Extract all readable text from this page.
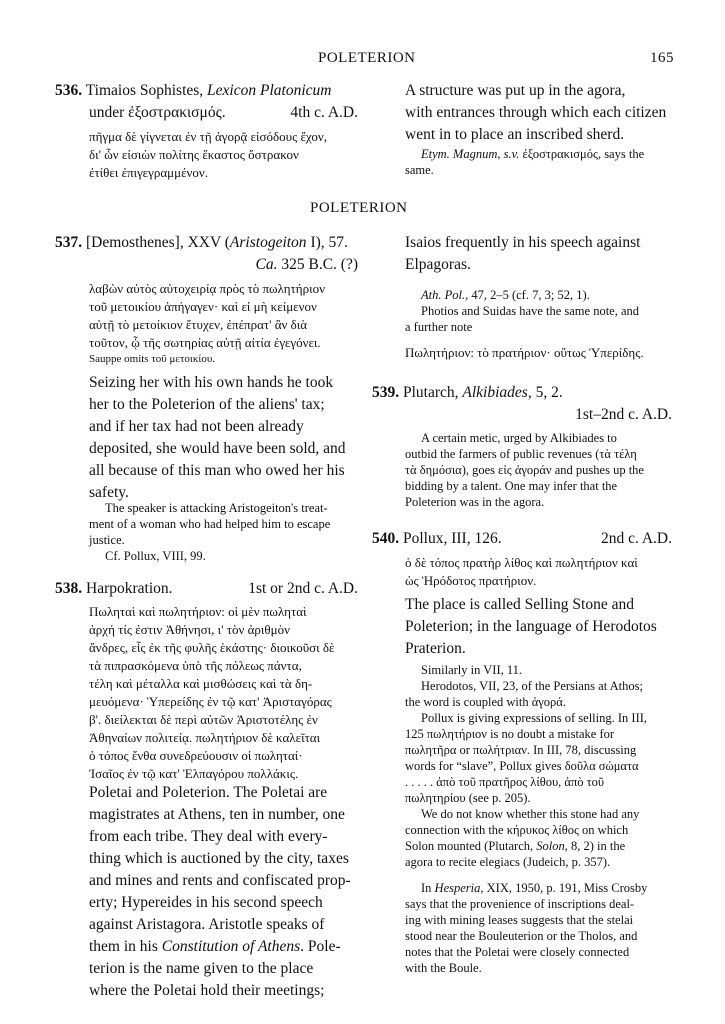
POLETERION	165
536. Timaios Sophistes, Lexicon Platonicum
under ἐξοστρακισμός.	4th c. A.D.
πῆγμα δὲ γίγνεται ἐν τῇ ἀγορᾷ εἰσόδους ἔχον,
δι' ὧν εἰσιὼν πολίτης ἕκαστος ὄστρακον
ἐτίθει ἐπιγεγραμμένον.
537. [Demosthenes], XXV (Aristogeiton I), 57.
Ca. 325 B.C. (?)
λαβὼν αὐτὸς αὐτοχειρίᾳ πρὸς τὸ πωλητήριον
τοῦ μετοικίου ἀπήγαγεν· καὶ εἰ μὴ κείμενον
αὐτῇ τὸ μετοίκιον ἔτυχεν, ἐπέπρατ' ἂν διὰ
τοῦτον, ᾧ τῆς σωτηρίας αὐτῇ αἰτία ἐγεγόνει.
Sauppe omits τοῦ μετοικίου.
Seizing her with his own hands he took
her to the Poleterion of the aliens' tax;
and if her tax had not been already
deposited, she would have been sold, and
all because of this man who owed her his
safety.
The speaker is attacking Aristogeiton's treat-
ment of a woman who had helped him to escape
justice.
Cf. Pollux, VIII, 99.
538. Harpokration.	1st or 2nd c. A.D.
Πωληταὶ καὶ πωλητήριον: οἱ μὲν πωληταὶ
ἀρχή τίς ἐστιν Ἀθήνησι, ι' τὸν ἀριθμὸν
ἄνδρες, εἷς ἐκ τῆς φυλῆς ἑκάστης· διοικοῦσι δὲ
τὰ πιπρασκόμενα ὑπὸ τῆς πόλεως πάντα,
τέλη καὶ μέταλλα καὶ μισθώσεις καὶ τὰ δη-
μευόμενα· Ὑπερείδης ἐν τῷ κατ' Ἀρισταγόρας
β'. διείλεκται δὲ περὶ αὐτῶν Ἀριστοτέλης ἐν
Ἀθηναίων πολιτείᾳ. πωλητήριον δὲ καλεῖται
ὁ τόπος ἔνθα συνεδρεύουσιν οἱ πωληταί·
Ἰσαῖος ἐν τῷ κατ' Ἐλπαγόρου πολλάκις.
Poletai and Poleterion. The Poletai are
magistrates at Athens, ten in number, one
from each tribe. They deal with every-
thing which is auctioned by the city, taxes
and mines and rents and confiscated prop-
erty; Hypereides in his second speech
against Aristagora. Aristotle speaks of
them in his Constitution of Athens. Pole-
terion is the name given to the place
where the Poletai hold their meetings;
POLETERION
A structure was put up in the agora,
with entrances through which each citizen
went in to place an inscribed sherd.
Etym. Magnum, s.v. ἐξοστρακισμός, says the
same.
Isaios frequently in his speech against
Elpagoras.
Ath. Pol., 47, 2–5 (cf. 7, 3; 52, 1).
Photios and Suidas have the same note, and
a further note
Πωλητήριον: τὸ πρατήριον· οὕτως Ὑπερίδης.
539. Plutarch, Alkibiades, 5, 2.
1st–2nd c. A.D.
A certain metic, urged by Alkibiades to
outbid the farmers of public revenues (τὰ τέλη
τὰ δημόσια), goes εἰς ἀγοράν and pushes up the
bidding by a talent. One may infer that the
Poleterion was in the agora.
540. Pollux, III, 126.	2nd c. A.D.
ὁ δὲ τόπος πρατὴρ λίθος καὶ πωλητήριον καὶ
ὡς Ἡρόδοτος πρατήριον.
The place is called Selling Stone and
Poleterion; in the language of Herodotos
Praterion.
Similarly in VII, 11.
Herodotos, VII, 23, of the Persians at Athos;
the word is coupled with ἀγορά.
Pollux is giving expressions of selling. In III,
125 πωλητήριον is no doubt a mistake for
πωλητῆρα or πωλήτριαν. In III, 78, discussing
words for “slave”, Pollux gives δοῦλα σώματα
. . . . . ἀπὸ τοῦ πρατῆρος λίθου, ἀπὸ τοῦ
πωλητηρίου (see p. 205).
We do not know whether this stone had any
connection with the κήρυκος λίθος on which
Solon mounted (Plutarch, Solon, 8, 2) in the
agora to recite elegiacs (Judeich, p. 357).
In Hesperia, XIX, 1950, p. 191, Miss Crosby
says that the provenience of inscriptions deal-
ing with mining leases suggests that the stelai
stood near the Bouleuterion or the Tholos, and
notes that the Poletai were closely connected
with the Boule.
